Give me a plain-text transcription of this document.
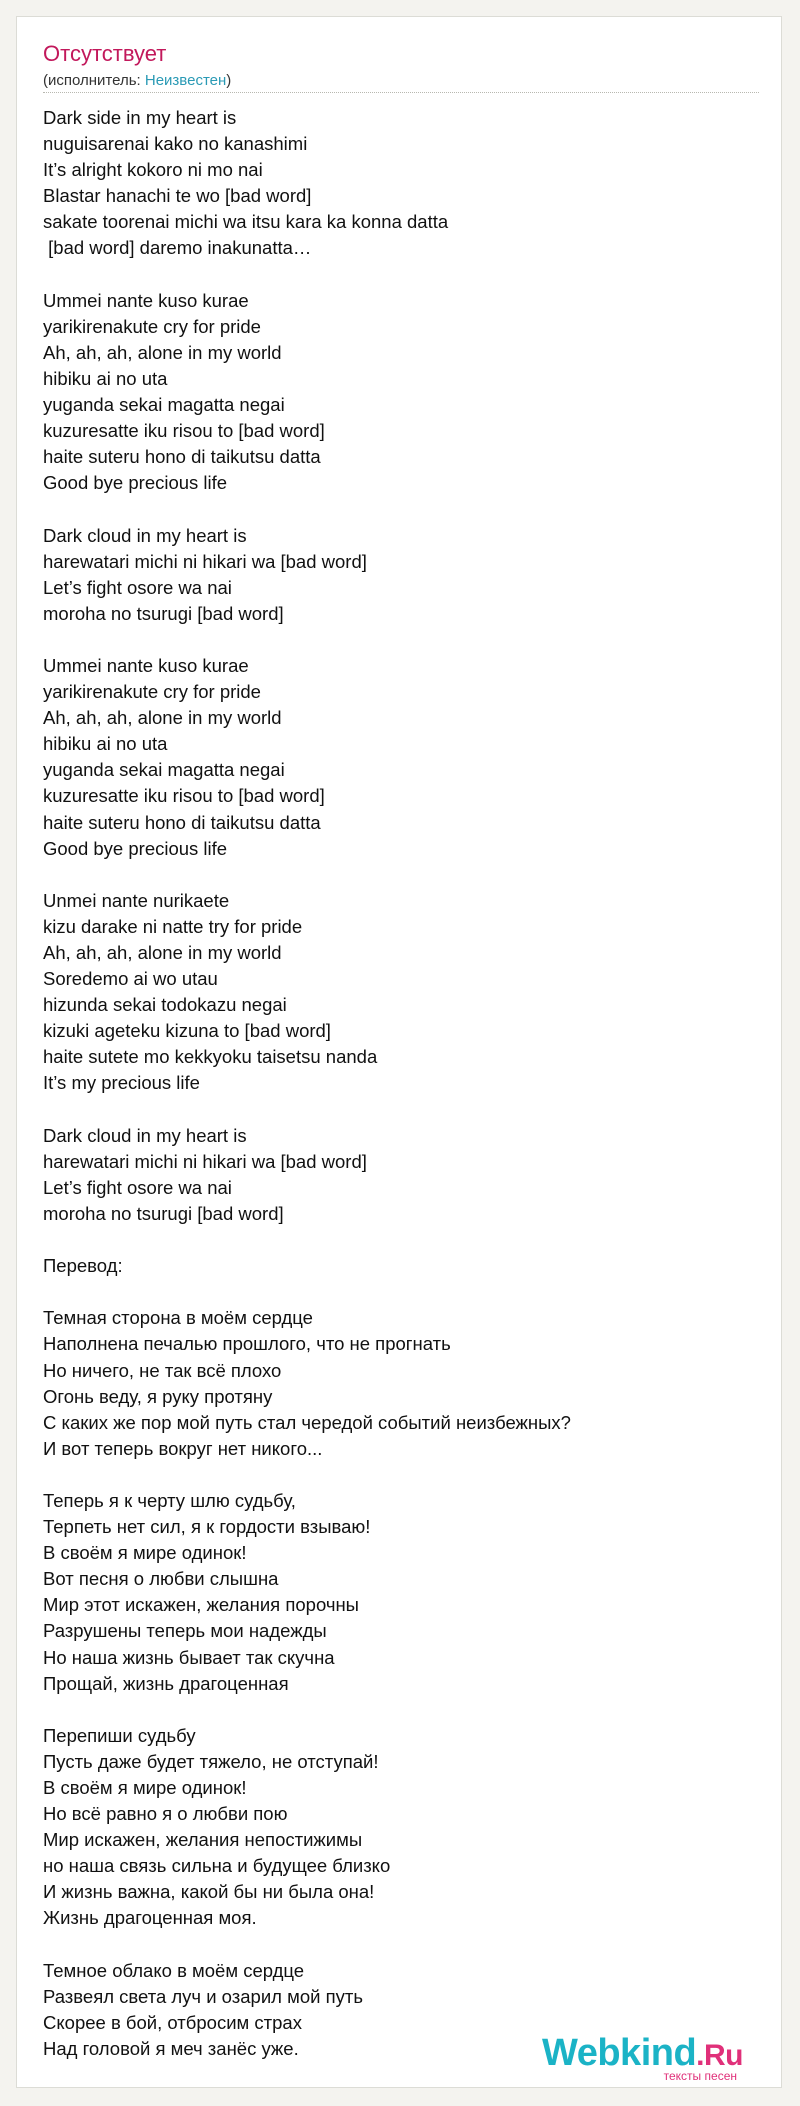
Отсутствует
(исполнитель: Неизвестен)
Dark side in my heart is
nuguisarenai kako no kanashimi
It’s alright kokoro ni mo nai
Blastar hanachi te wo [bad word]
sakate toorenai michi wa itsu kara ka konna datta
[bad word] daremo inakunatta…
Ummei nante kuso kurae
yarikirenakute cry for pride
Ah, ah, ah, alone in my world
hibiku ai no uta
yuganda sekai magatta negai
kuzuresatte iku risou to [bad word]
haite suteru hono di taikutsu datta
Good bye precious life
Dark cloud in my heart is
harewatari michi ni hikari wa [bad word]
Let’s fight osore wa nai
moroha no tsurugi [bad word]
Ummei nante kuso kurae
yarikirenakute cry for pride
Ah, ah, ah, alone in my world
hibiku ai no uta
yuganda sekai magatta negai
kuzuresatte iku risou to [bad word]
haite suteru hono di taikutsu datta
Good bye precious life
Unmei nante nurikaete
kizu darake ni natte try for pride
Ah, ah, ah, alone in my world
Soredemo ai wo utau
hizunda sekai todokazu negai
kizuki ageteku kizuna to [bad word]
haite sutete mo kekkyoku taisetsu nanda
It’s my precious life
Dark cloud in my heart is
harewatari michi ni hikari wa [bad word]
Let’s fight osore wa nai
moroha no tsurugi [bad word]
Перевод:
Темная сторона в моём сердце
Наполнена печалью прошлого, что не прогнать
Но ничего, не так всё плохо
Огонь веду, я руку протяну
С каких же пор мой путь стал чередой событий неизбежных?
И вот теперь вокруг нет никого...
Теперь я к черту шлю судьбу,
Терпеть нет сил, я к гордости взываю!
В своём я мире одинок!
Вот песня о любви слышна
Мир этот искажен, желания порочны
Разрушены теперь мои надежды
Но наша жизнь бывает так скучна
Прощай, жизнь драгоценная
Перепиши судьбу
Пусть даже будет тяжело, не отступай!
В своём я мире одинок!
Но всё равно я о любви пою
Мир искажен, желания непостижимы
но наша связь сильна и будущее близко
И жизнь важна, какой бы ни была она!
Жизнь драгоценная моя.
Темное облако в моём сердце
Развеял света луч и озарил мой путь
Скорее в бой, отбросим страх
Над головой я меч занёс уже.	Webkind.Ru
тексты песен
